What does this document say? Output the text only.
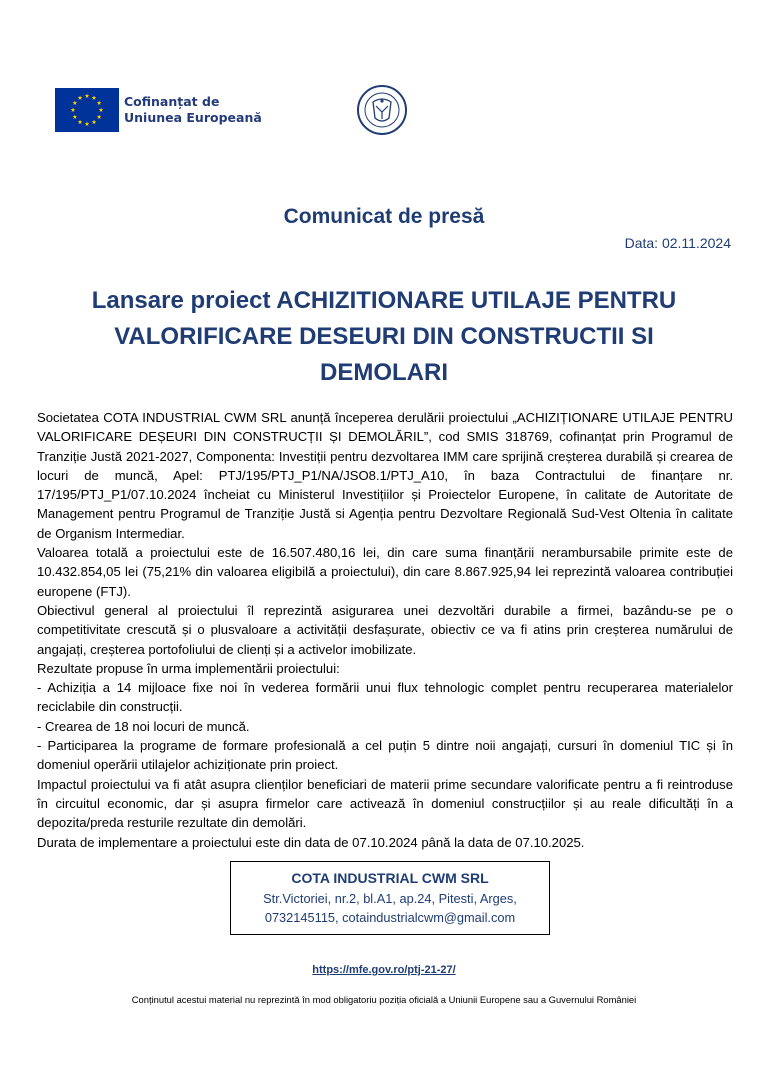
Cofinanțat de
Uniunea Europeană
Comunicat de presă
Data: 02.11.2024
Lansare proiect ACHIZITIONARE UTILAJE PENTRU VALORIFICARE DESEURI DIN CONSTRUCTII SI DEMOLARI

Societatea COTA INDUSTRIAL CWM SRL anunță începerea derulării proiectului „ACHIZIȚIONARE UTILAJE PENTRU VALORIFICARE DEȘEURI DIN CONSTRUCȚII ȘI DEMOLĂRIL”, cod SMIS 318769, cofinanțat prin Programul de Tranziție Justă 2021-2027, Componenta: Investiții pentru dezvoltarea IMM care sprijină creșterea durabilă și crearea de locuri de muncă, Apel: PTJ/195/PTJ_P1/NA/JSO8.1/PTJ_A10, în baza Contractului de finanțare nr. 17/195/PTJ_P1/07.10.2024 încheiat cu Ministerul Investițiilor și Proiectelor Europene, în calitate de Autoritate de Management pentru Programul de Tranziție Justă si Agenția pentru Dezvoltare Regională Sud-Vest Oltenia în calitate de Organism Intermediar.

Valoarea totală a proiectului este de 16.507.480,16 lei, din care suma finanțării nerambursabile primite este de 10.432.854,05 lei (75,21% din valoarea eligibilă a proiectului), din care 8.867.925,94 lei reprezintă valoarea contribuției europene (FTJ).

Obiectivul general al proiectului îl reprezintă asigurarea unei dezvoltări durabile a firmei, bazându-se pe o competitivitate crescută și o plusvaloare a activității desfașurate, obiectiv ce va fi atins prin creșterea numărului de angajați, creșterea portofoliului de clienți și a activelor imobilizate.

Rezultate propuse în urma implementării proiectului:

- Achiziția a 14 mijloace fixe noi în vederea formării unui flux tehnologic complet pentru recuperarea materialelor reciclabile din construcții.

- Crearea de 18 noi locuri de muncă.

- Participarea la programe de formare profesională a cel puțin 5 dintre noii angajați, cursuri în domeniul TIC și în domeniul operării utilajelor achiziționate prin proiect.

Impactul proiectului va fi atât asupra clienților beneficiari de materii prime secundare valorificate pentru a fi reintroduse în circuitul economic, dar și asupra firmelor care activează în domeniul construcțiilor și au reale dificultăți în a depozita/preda resturile rezultate din demolări.

Durata de implementare a proiectului este din data de 07.10.2024 până la data de 07.10.2025.

COTA INDUSTRIAL CWM SRL
Str.Victoriei, nr.2, bl.A1, ap.24, Pitesti, Arges,
0732145115, cotaindustrialcwm@gmail.com
https://mfe.gov.ro/ptj-21-27/
Conținutul acestui material nu reprezintă în mod obligatoriu poziția oficială a Uniunii Europene sau a Guvernului României
